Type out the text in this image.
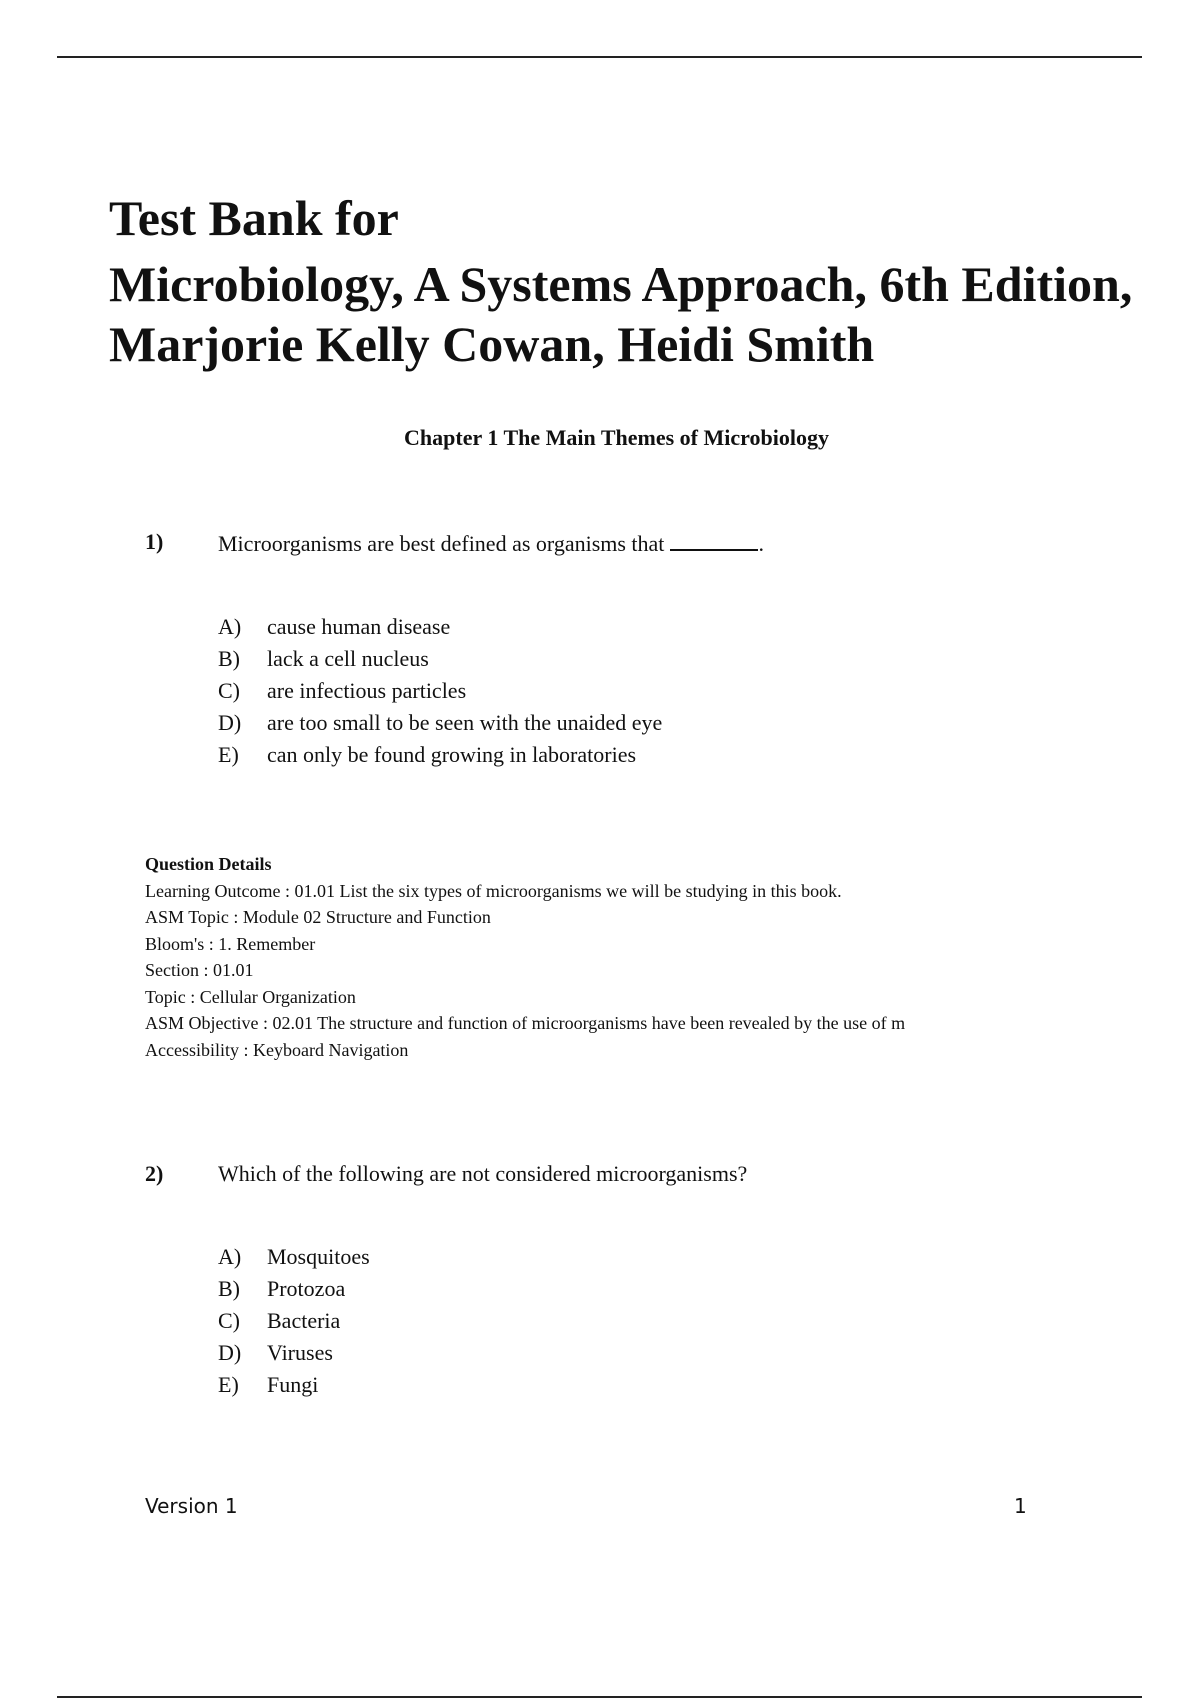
Test Bank for
Microbiology, A Systems Approach, 6th Edition, Marjorie Kelly Cowan, Heidi Smith
Chapter 1 The Main Themes of Microbiology
1)	Microorganisms are best defined as organisms that	.
A)	cause human disease
B)	lack a cell nucleus
C)	are infectious particles
D)	are too small to be seen with the unaided eye
E)	can only be found growing in laboratories
Question Details
Learning Outcome : 01.01 List the six types of microorganisms we will be studying in this book.
ASM Topic : Module 02 Structure and Function
Bloom's : 1. Remember
Section : 01.01
Topic : Cellular Organization
ASM Objective : 02.01 The structure and function of microorganisms have been revealed by the use of m
Accessibility : Keyboard Navigation
2)	Which of the following are not considered microorganisms?
A)	Mosquitoes
B)	Protozoa
C)	Bacteria
D)	Viruses
E)	Fungi
Version 1	1
